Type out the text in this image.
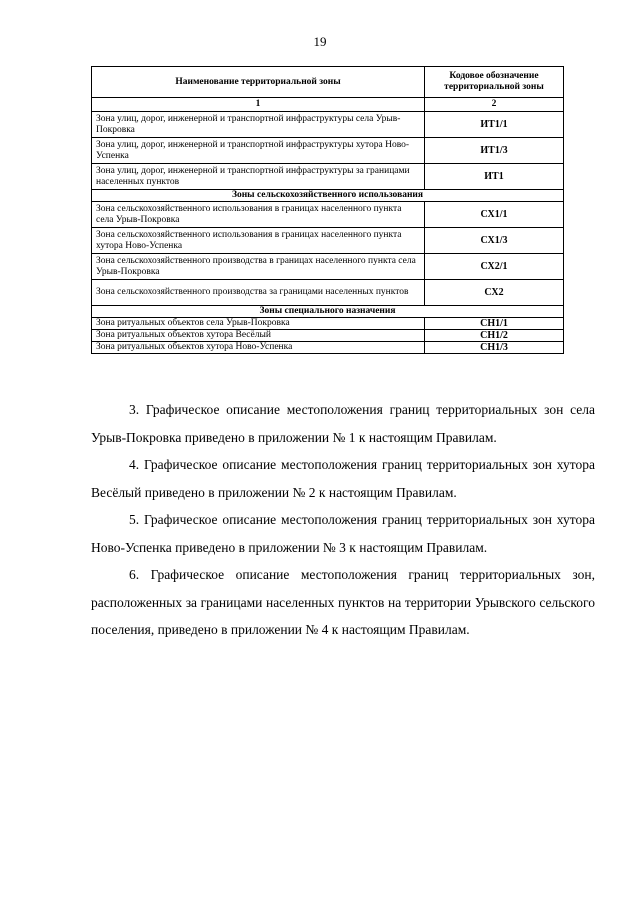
19
Наименование территориальной зоны	Кодовое обозначение территориальной зоны
1	2
Зона улиц, дорог, инженерной и транспортной инфраструктуры села Урыв-Покровка	ИТ1/1
Зона улиц, дорог, инженерной и транспортной инфраструктуры хутора Ново-Успенка	ИТ1/3
Зона улиц, дорог, инженерной и транспортной инфраструктуры за границами населенных пунктов	ИТ1
Зоны сельскохозяйственного использования	
Зона сельскохозяйственного использования в границах населенного пункта села Урыв-Покровка	СХ1/1
Зона сельскохозяйственного использования в границах населенного пункта хутора Ново-Успенка	СХ1/3
Зона сельскохозяйственного производства в границах населенного пункта села Урыв-Покровка	СХ2/1
Зона сельскохозяйственного производства за границами населенных пунктов	СХ2
Зоны специального назначения	
Зона ритуальных объектов села Урыв-Покровка	СН1/1
Зона ритуальных объектов хутора Весёлый	СН1/2
Зона ритуальных объектов хутора Ново-Успенка	СН1/3

3. Графическое описание местоположения границ территориальных зон села Урыв-Покровка приведено в приложении № 1 к настоящим Правилам.

4. Графическое описание местоположения границ территориальных зон хутора Весёлый приведено в приложении № 2 к настоящим Правилам.

5. Графическое описание местоположения границ территориальных зон хутора Ново-Успенка приведено в приложении № 3 к настоящим Правилам.

6. Графическое описание местоположения границ территориальных зон, расположенных за границами населенных пунктов на территории Урывского сельского поселения, приведено в приложении № 4 к настоящим Правилам.
